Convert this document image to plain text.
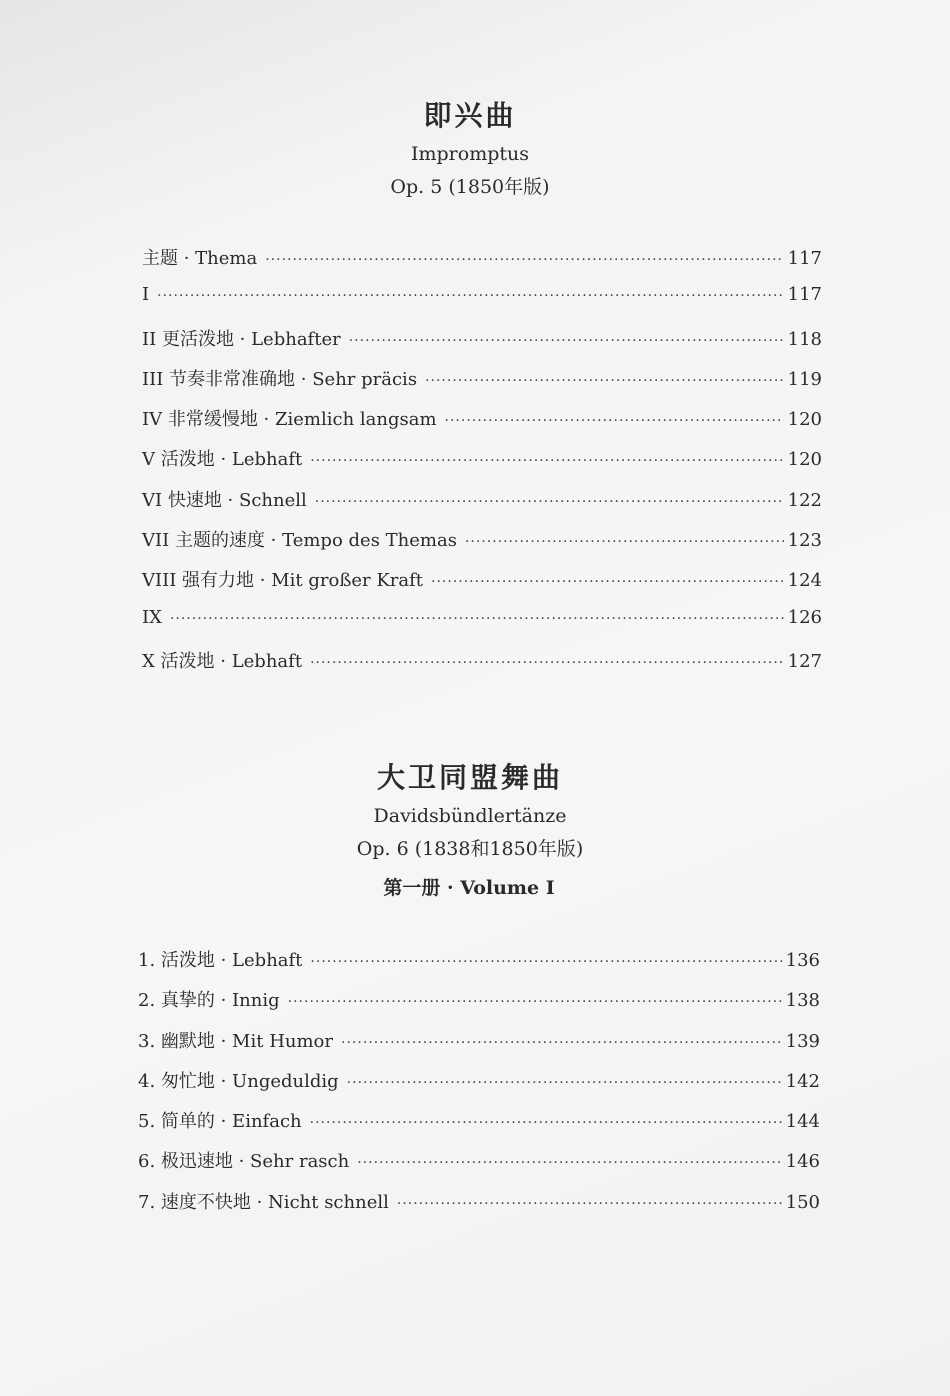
即兴曲
Impromptus
Op. 5 (1850年版)
主题 · Thema ·····	117
I ·····	117
II 更活泼地 · Lebhafter ·····	118
III 节奏非常准确地 · Sehr präcis ·····	119
IV 非常缓慢地 · Ziemlich langsam ·····	120
V 活泼地 · Lebhaft ·····	120
VI 快速地 · Schnell ·····	122
VII 主题的速度 · Tempo des Themas ·····	123
VIII 强有力地 · Mit großer Kraft ·····	124
IX ·····	126
X 活泼地 · Lebhaft ·····	127
大卫同盟舞曲
Davidsbündlertänze
Op. 6 (1838和1850年版)
第一册 · Volume I
1. 活泼地 · Lebhaft ·····	136
2. 真挚的 · Innig ·····	138
3. 幽默地 · Mit Humor ·····	139
4. 匆忙地 · Ungeduldig ·····	142
5. 简单的 · Einfach ·····	144
6. 极迅速地 · Sehr rasch ·····	146
7. 速度不快地 · Nicht schnell ·····	150
